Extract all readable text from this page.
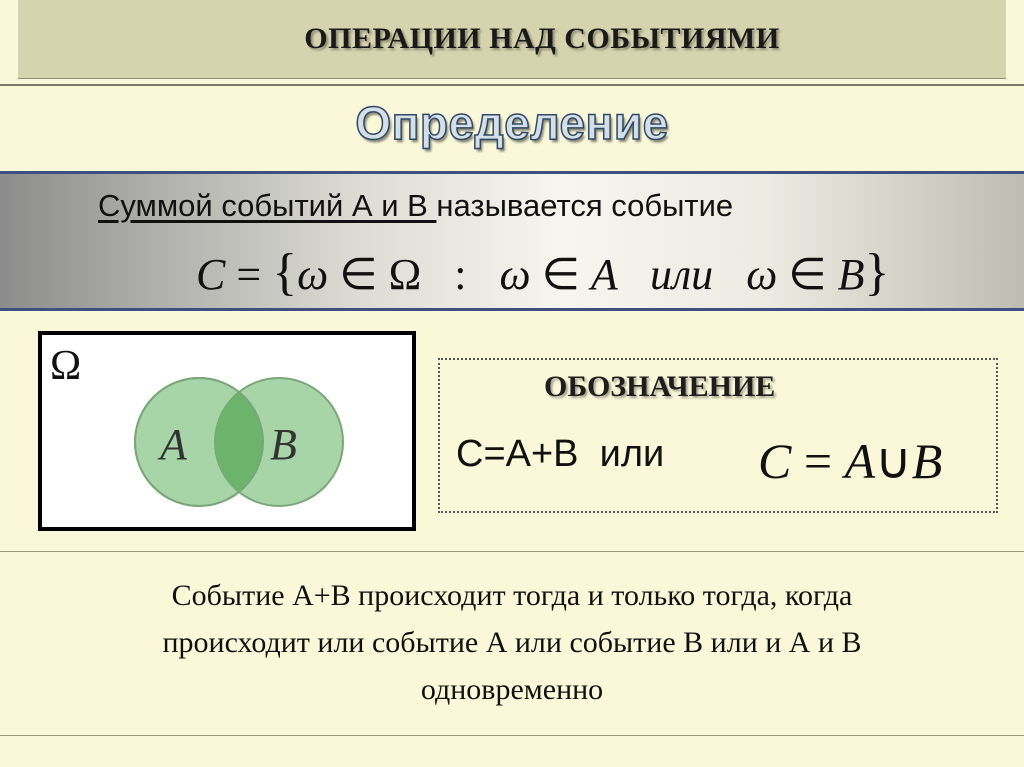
ОПЕРАЦИИ НАД СОБЫТИЯМИ
Определение
Суммой событий А и В называется событие
C = {ω ∈ Ω   :   ω ∈ A   или   ω ∈ B}
Ω
A B
ОБОЗНАЧЕНИЕ
С=А+В  или C = A∪B
Событие А+В происходит тогда и только тогда, когда
происходит или событие А или событие В или и А и В
одновременно
